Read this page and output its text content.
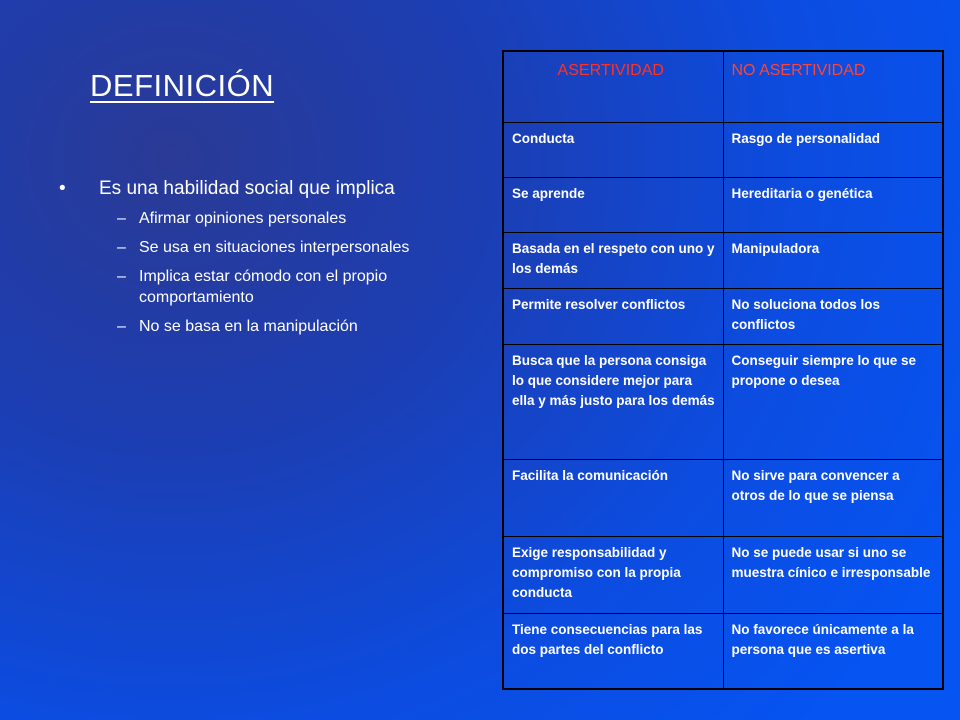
DEFINICIÓN
•	Es una habilidad social que implica
– Afirmar opiniones personales
– Se usa en situaciones interpersonales
– Implica estar cómodo con el propio comportamiento
– No se basa en la manipulación
ASERTIVIDAD	NO ASERTIVIDAD
Conducta	Rasgo de personalidad
Se aprende	Hereditaria o genética
Basada en el respeto con uno y los demás	Manipuladora
Permite resolver conflictos	No soluciona todos los conflictos
Busca que la persona consiga lo que considere mejor para ella y más justo para los demás	Conseguir siempre lo que se propone o desea
Facilita la comunicación	No sirve para convencer a otros de lo que se piensa
Exige responsabilidad y compromiso con la propia conducta	No se puede usar si uno se muestra cínico e irresponsable
Tiene consecuencias para las dos partes del conflicto	No favorece únicamente a la persona que es asertiva
